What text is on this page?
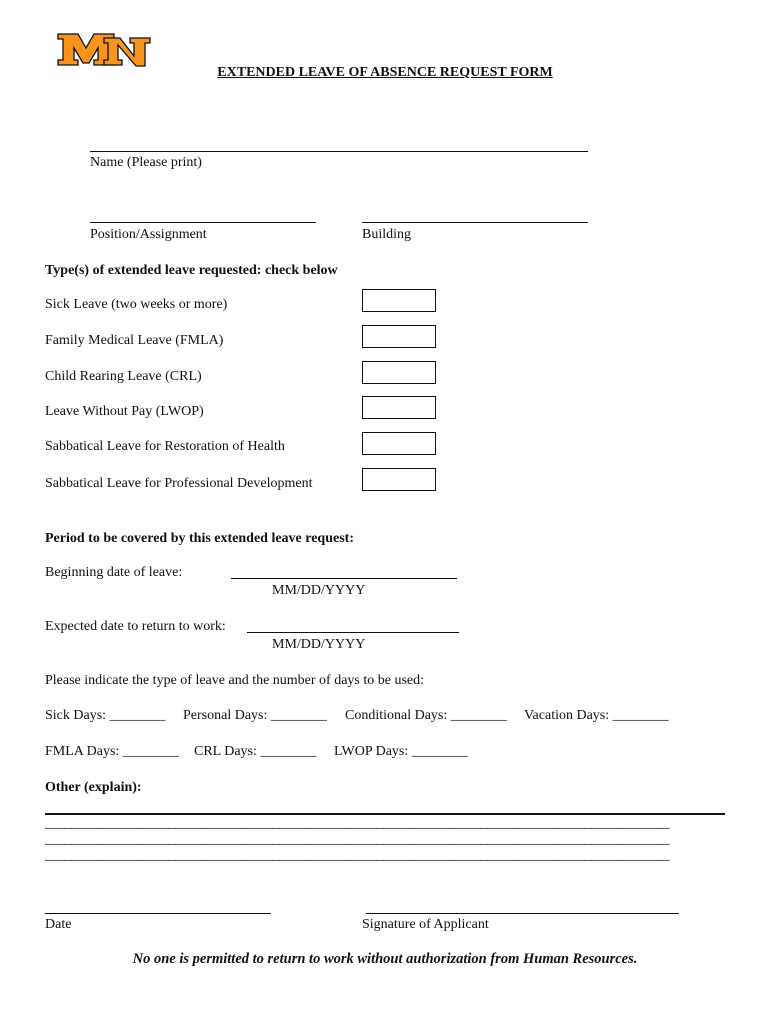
EXTENDED LEAVE OF ABSENCE REQUEST FORM
Name (Please print)
Position/Assignment	Building
Type(s) of extended leave requested: check below
Sick Leave (two weeks or more)
Family Medical Leave (FMLA)
Child Rearing Leave (CRL)
Leave Without Pay (LWOP)
Sabbatical Leave for Restoration of Health
Sabbatical Leave for Professional Development
Period to be covered by this extended leave request:
Beginning date of leave:
MM/DD/YYYY
Expected date to return to work:
MM/DD/YYYY
Please indicate the type of leave and the number of days to be used:
Sick Days: ________ Personal Days: ________ Conditional Days: ________ Vacation Days: ________
FMLA Days: ________ CRL Days: ________ LWOP Days: ________
Other (explain):
________________________________________________________________________________________________
________________________________________________________________________________________________
________________________________________________________________________________________________
Date	Signature of Applicant
No one is permitted to return to work without authorization from Human Resources.
